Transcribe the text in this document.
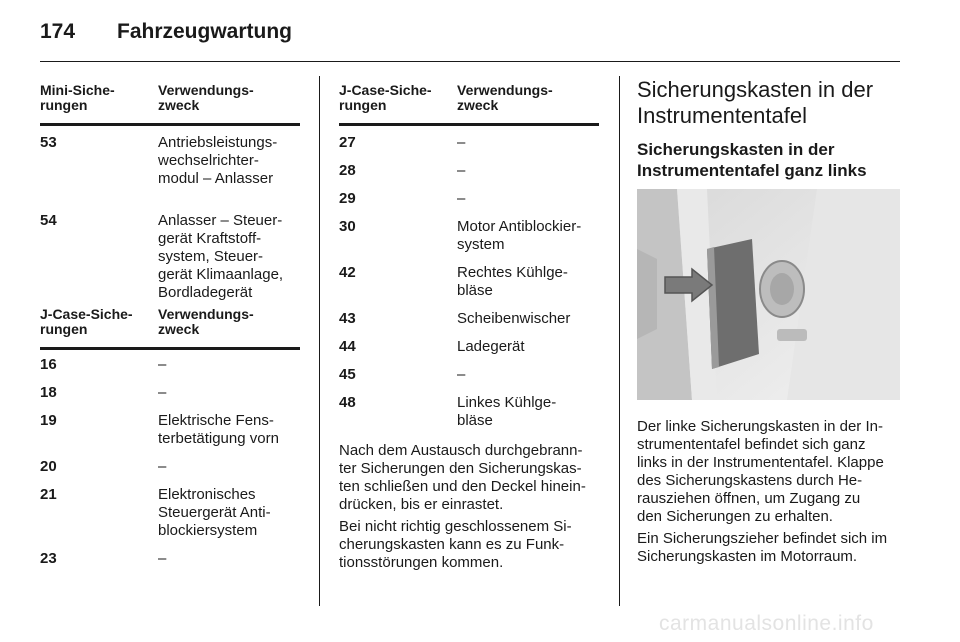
174 Fahrzeugwartung
Mini-Siche-
rungen
Verwendungs-
zweck
53	Antriebsleistungs-
wechselrichter-
modul – Anlasser
54	Anlasser – Steuer-
gerät Kraftstoff-
system, Steuer-
gerät Klimaanlage,
Bordladegerät
J-Case-Siche-
rungen
Verwendungs-
zweck
16	–
18	–
19	Elektrische Fens-
terbetätigung vorn
20	–
21	Elektronisches
Steuergerät Anti-
blockiersystem
23	–
J-Case-Siche-
rungen
Verwendungs-
zweck
27	–
28	–
29	–
30	Motor Antiblockier-
system
42	Rechtes Kühlge-
bläse
43	Scheibenwischer
44	Ladegerät
45	–
48	Linkes Kühlge-
bläse
Nach dem Austausch durchgebrann-
ter Sicherungen den Sicherungskas-
ten schließen und den Deckel hinein-
drücken, bis er einrastet.
Bei nicht richtig geschlossenem Si-
cherungskasten kann es zu Funk-
tionsstörungen kommen.
Sicherungskasten in der
Instrumententafel
Sicherungskasten in der
Instrumententafel ganz links
Der linke Sicherungskasten in der In-
strumententafel befindet sich ganz
links in der Instrumententafel. Klappe
des Sicherungskastens durch He-
rausziehen öffnen, um Zugang zu
den Sicherungen zu erhalten.
Ein Sicherungszieher befindet sich im
Sicherungskasten im Motorraum.
carmanualsonline.info
